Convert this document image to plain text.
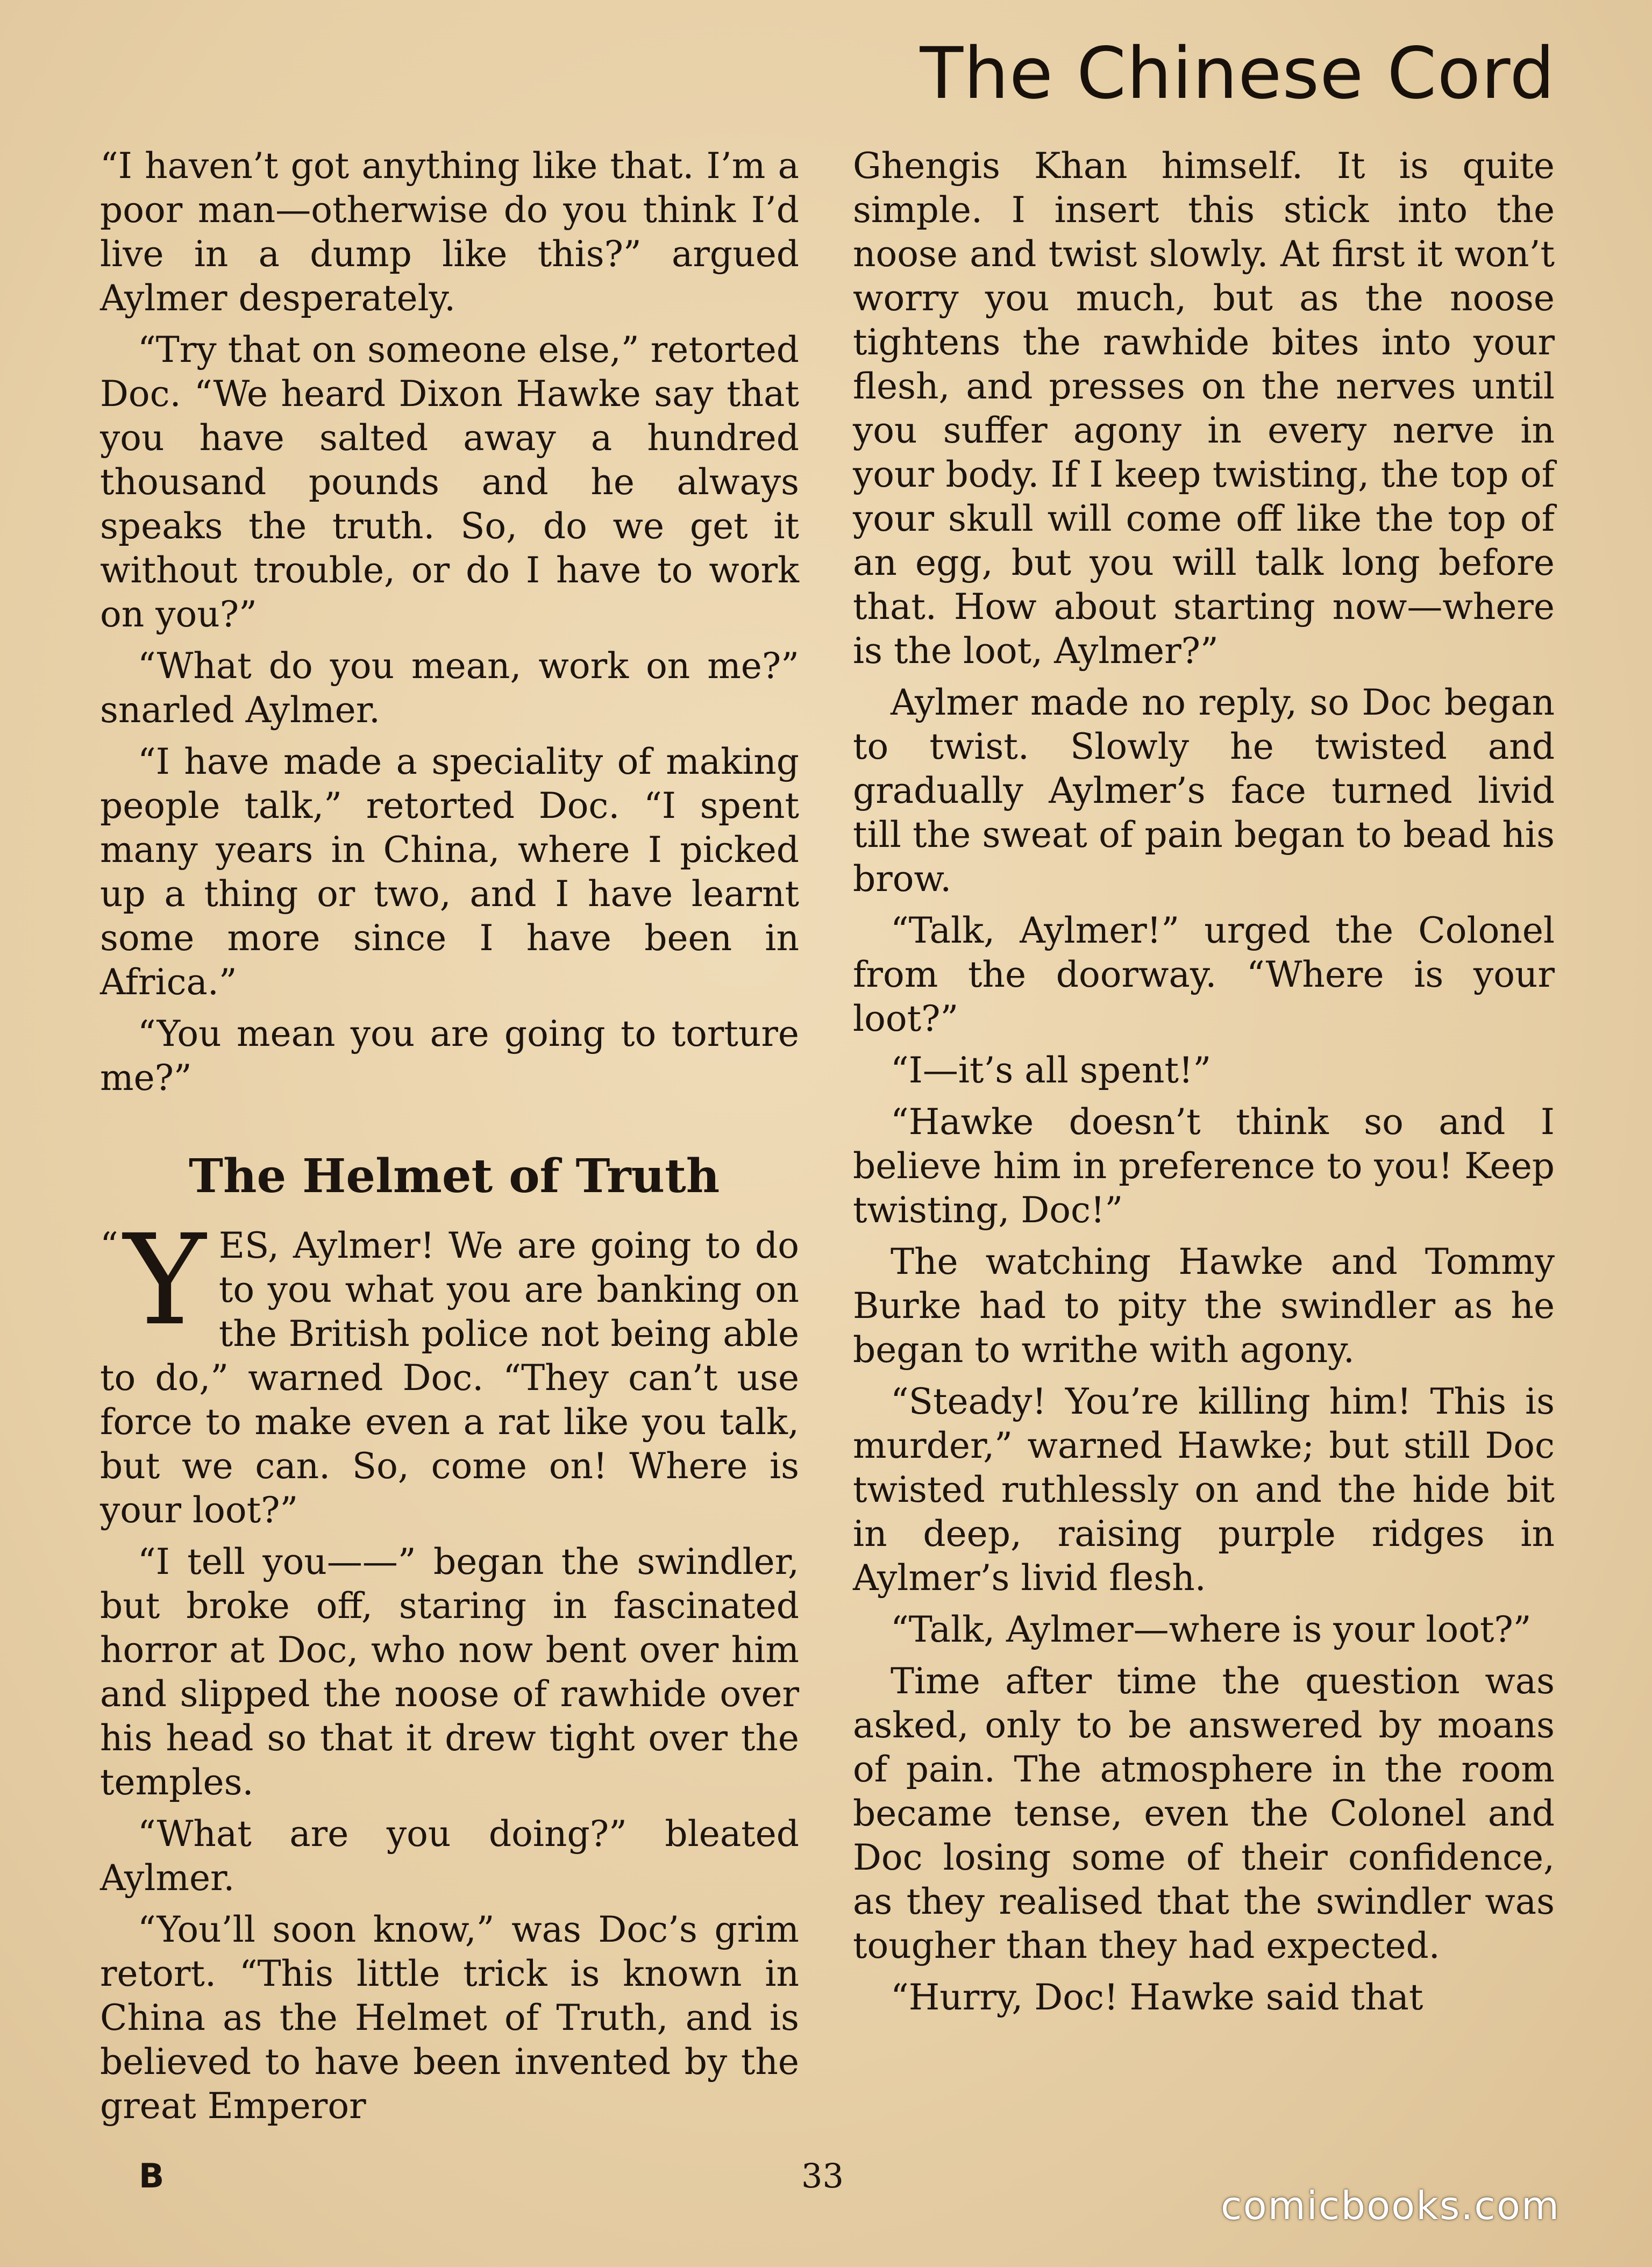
The Chinese Cord

“I haven’t got anything like that. I’m a poor man—otherwise do you think I’d live in a dump like this?” argued Aylmer desperately.

“Try that on someone else,” retorted Doc. “We heard Dixon Hawke say that you have salted away a hundred thousand pounds and he always speaks the truth. So, do we get it without trouble, or do I have to work on you?”

“What do you mean, work on me?” snarled Aylmer.

“I have made a speciality of making people talk,” retorted Doc. “I spent many years in China, where I picked up a thing or two, and I have learnt some more since I have been in Africa.”

“You mean you are going to torture me?”

The Helmet of Truth

“ Y ES, Aylmer! We are going to do to you what you are banking on the British police not being able to do,” warned Doc. “They can’t use force to make even a rat like you talk, but we can. So, come on! Where is your loot?”

“I tell you——” began the swindler, but broke off, staring in fascinated horror at Doc, who now bent over him and slipped the noose of rawhide over his head so that it drew tight over the temples.

“What are you doing?” bleated Aylmer.

“You’ll soon know,” was Doc’s grim retort. “This little trick is known in China as the Helmet of Truth, and is believed to have been invented by the great Emperor

Ghengis Khan himself. It is quite simple. I insert this stick into the noose and twist slowly. At first it won’t worry you much, but as the noose tightens the rawhide bites into your flesh, and presses on the nerves until you suffer agony in every nerve in your body. If I keep twisting, the top of your skull will come off like the top of an egg, but you will talk long before that. How about starting now—where is the loot, Aylmer?”

Aylmer made no reply, so Doc began to twist. Slowly he twisted and gradually Aylmer’s face turned livid till the sweat of pain began to bead his brow.

“Talk, Aylmer!” urged the Colonel from the doorway. “Where is your loot?”

“I—it’s all spent!”

“Hawke doesn’t think so and I believe him in preference to you! Keep twisting, Doc!”

The watching Hawke and Tommy Burke had to pity the swindler as he began to writhe with agony.

“Steady! You’re killing him! This is murder,” warned Hawke; but still Doc twisted ruthlessly on and the hide bit in deep, raising purple ridges in Aylmer’s livid flesh.

“Talk, Aylmer—where is your loot?”

Time after time the question was asked, only to be answered by moans of pain. The atmosphere in the room became tense, even the Colonel and Doc losing some of their confidence, as they realised that the swindler was tougher than they had expected.

“Hurry, Doc! Hawke said that

B	33
comicbooks.com
